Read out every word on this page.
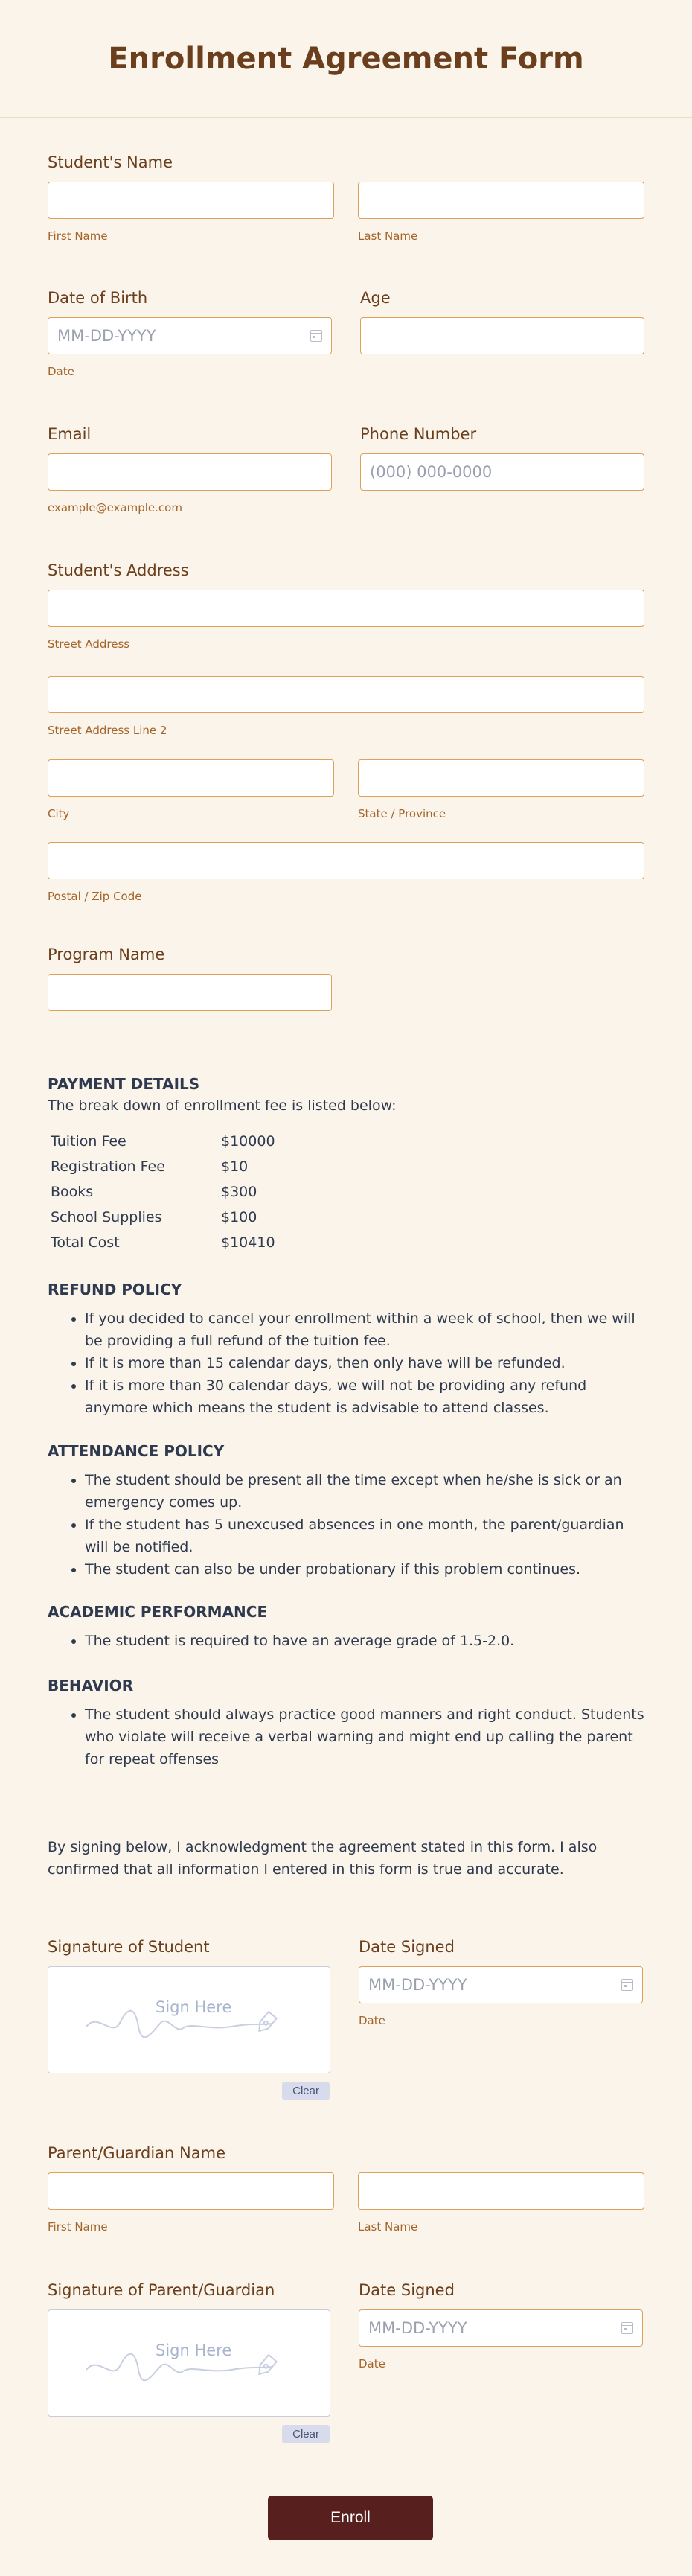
Enrollment Agreement Form
Student's Name
First Name	Last Name
Date of Birth
MM-DD-YYYY
Date
Age
Email
example@example.com
Phone Number
(000) 000-0000
Student's Address
Street Address
Street Address Line 2
City	State / Province
Postal / Zip Code
Program Name
PAYMENT DETAILS
The break down of enrollment fee is listed below:
Tuition Fee	$10000
Registration Fee	$10
Books	$300
School Supplies	$100
Total Cost	$10410
REFUND POLICY
• If you decided to cancel your enrollment within a week of school, then we will be providing a full refund of the tuition fee.
• If it is more than 15 calendar days, then only have will be refunded.
• If it is more than 30 calendar days, we will not be providing any refund anymore which means the student is advisable to attend classes.
ATTENDANCE POLICY
• The student should be present all the time except when he/she is sick or an emergency comes up.
• If the student has 5 unexcused absences in one month, the parent/guardian will be notified.
• The student can also be under probationary if this problem continues.
ACADEMIC PERFORMANCE
• The student is required to have an average grade of 1.5-2.0.
BEHAVIOR
• The student should always practice good manners and right conduct. Students who violate will receive a verbal warning and might end up calling the parent for repeat offenses
By signing below, I acknowledgment the agreement stated in this form. I also confirmed that all information I entered in this form is true and accurate.
Signature of Student
Sign Here
Clear
Date Signed
MM-DD-YYYY
Date
Parent/Guardian Name
First Name	Last Name
Signature of Parent/Guardian
Sign Here
Clear
Date Signed
MM-DD-YYYY
Date
Enroll
